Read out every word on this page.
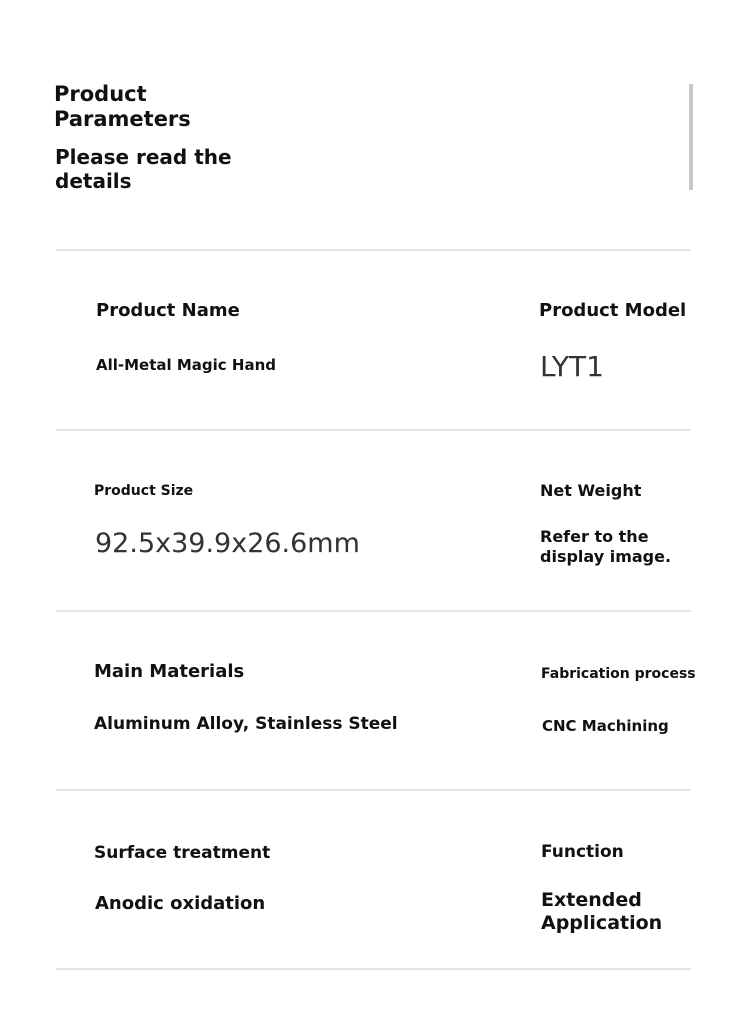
Product Parameters
Please read the details
Product Name
All-Metal Magic Hand
Product Model
LYT1
Product Size
92.5x39.9x26.6mm
Net Weight
Refer to the display image.
Main Materials
Aluminum Alloy, Stainless Steel
Fabrication process
CNC Machining
Surface treatment
Anodic oxidation
Function
Extended Application
